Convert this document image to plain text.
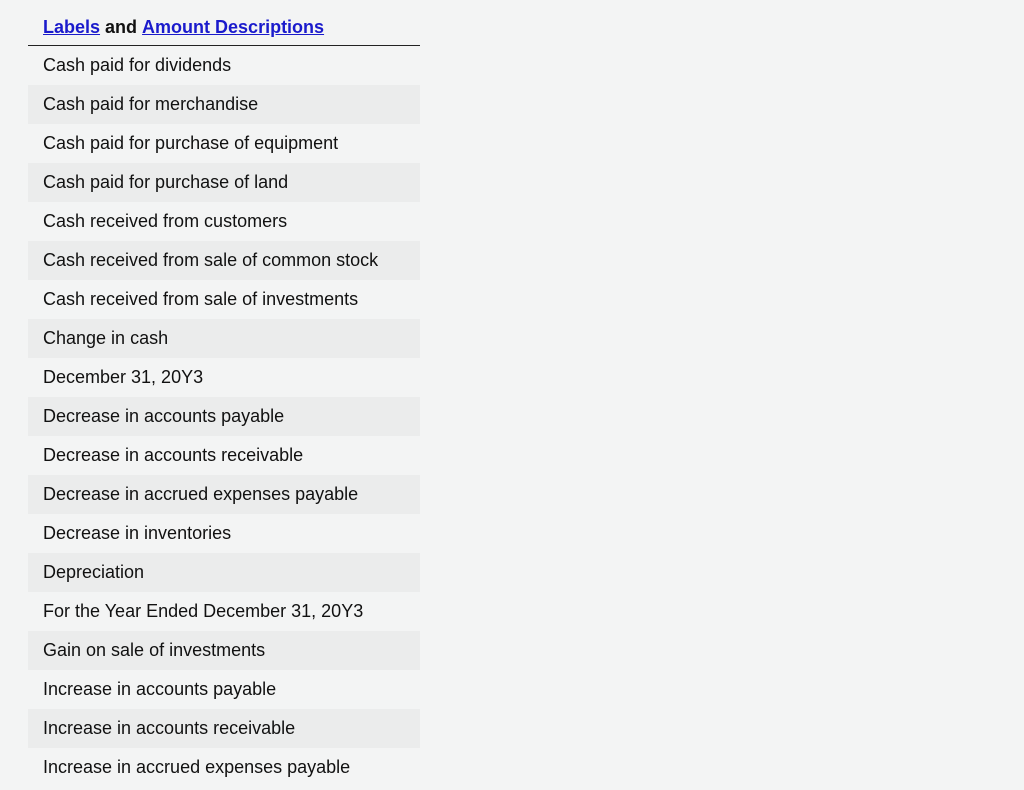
Labels and Amount Descriptions
Cash paid for dividends
Cash paid for merchandise
Cash paid for purchase of equipment
Cash paid for purchase of land
Cash received from customers
Cash received from sale of common stock
Cash received from sale of investments
Change in cash
December 31, 20Y3
Decrease in accounts payable
Decrease in accounts receivable
Decrease in accrued expenses payable
Decrease in inventories
Depreciation
For the Year Ended December 31, 20Y3
Gain on sale of investments
Increase in accounts payable
Increase in accounts receivable
Increase in accrued expenses payable
